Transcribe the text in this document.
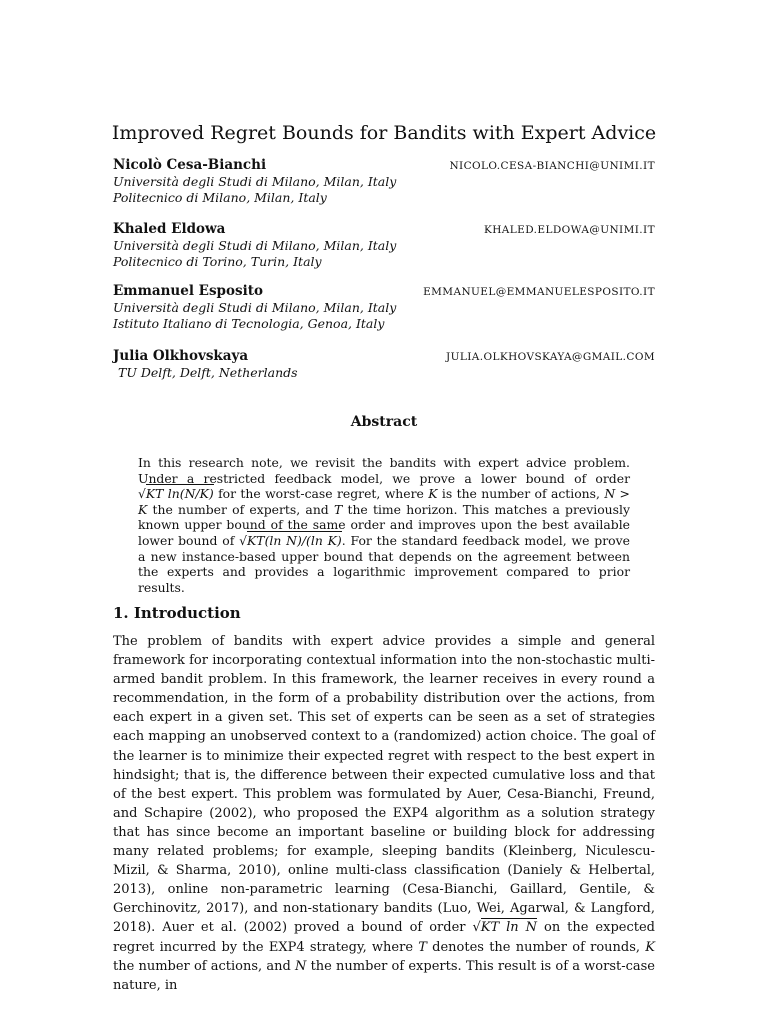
Improved Regret Bounds for Bandits with Expert Advice
Nicolò Cesa-Bianchi	NICOLO.CESA-BIANCHI@UNIMI.IT
Università degli Studi di Milano, Milan, Italy
Politecnico di Milano, Milan, Italy
Khaled Eldowa	KHALED.ELDOWA@UNIMI.IT
Università degli Studi di Milano, Milan, Italy
Politecnico di Torino, Turin, Italy
Emmanuel Esposito	EMMANUEL@EMMANUELESPOSITO.IT
Università degli Studi di Milano, Milan, Italy
Istituto Italiano di Tecnologia, Genoa, Italy
Julia Olkhovskaya	JULIA.OLKHOVSKAYA@GMAIL.COM
TU Delft, Delft, Netherlands
Abstract
In this research note, we revisit the bandits with expert advice problem. Under a restricted feedback model, we prove a lower bound of order √KT ln(N/K) for the worst-case regret, where K is the number of actions, N > K the number of experts, and T the time horizon. This matches a previously known upper bound of the same order and improves upon the best available lower bound of √KT(ln N)/(ln K). For the standard feedback model, we prove a new instance-based upper bound that depends on the agreement between the experts and provides a logarithmic improvement compared to prior results.
1. Introduction
The problem of bandits with expert advice provides a simple and general framework for incorporating contextual information into the non-stochastic multi-armed bandit problem. In this framework, the learner receives in every round a recommendation, in the form of a probability distribution over the actions, from each expert in a given set. This set of experts can be seen as a set of strategies each mapping an unobserved context to a (randomized) action choice. The goal of the learner is to minimize their expected regret with respect to the best expert in hindsight; that is, the difference between their expected cumulative loss and that of the best expert. This problem was formulated by Auer, Cesa-Bianchi, Freund, and Schapire (2002), who proposed the EXP4 algorithm as a solution strategy that has since become an important baseline or building block for addressing many related problems; for example, sleeping bandits (Kleinberg, Niculescu-Mizil, & Sharma, 2010), online multi-class classification (Daniely & Helbertal, 2013), online non-parametric learning (Cesa-Bianchi, Gaillard, Gentile, & Gerchinovitz, 2017), and non-stationary bandits (Luo, Wei, Agarwal, & Langford, 2018). Auer et al. (2002) proved a bound of order √KT ln N on the expected regret incurred by the EXP4 strategy, where T denotes the number of rounds, K the number of actions, and N the number of experts. This result is of a worst-case nature, in
